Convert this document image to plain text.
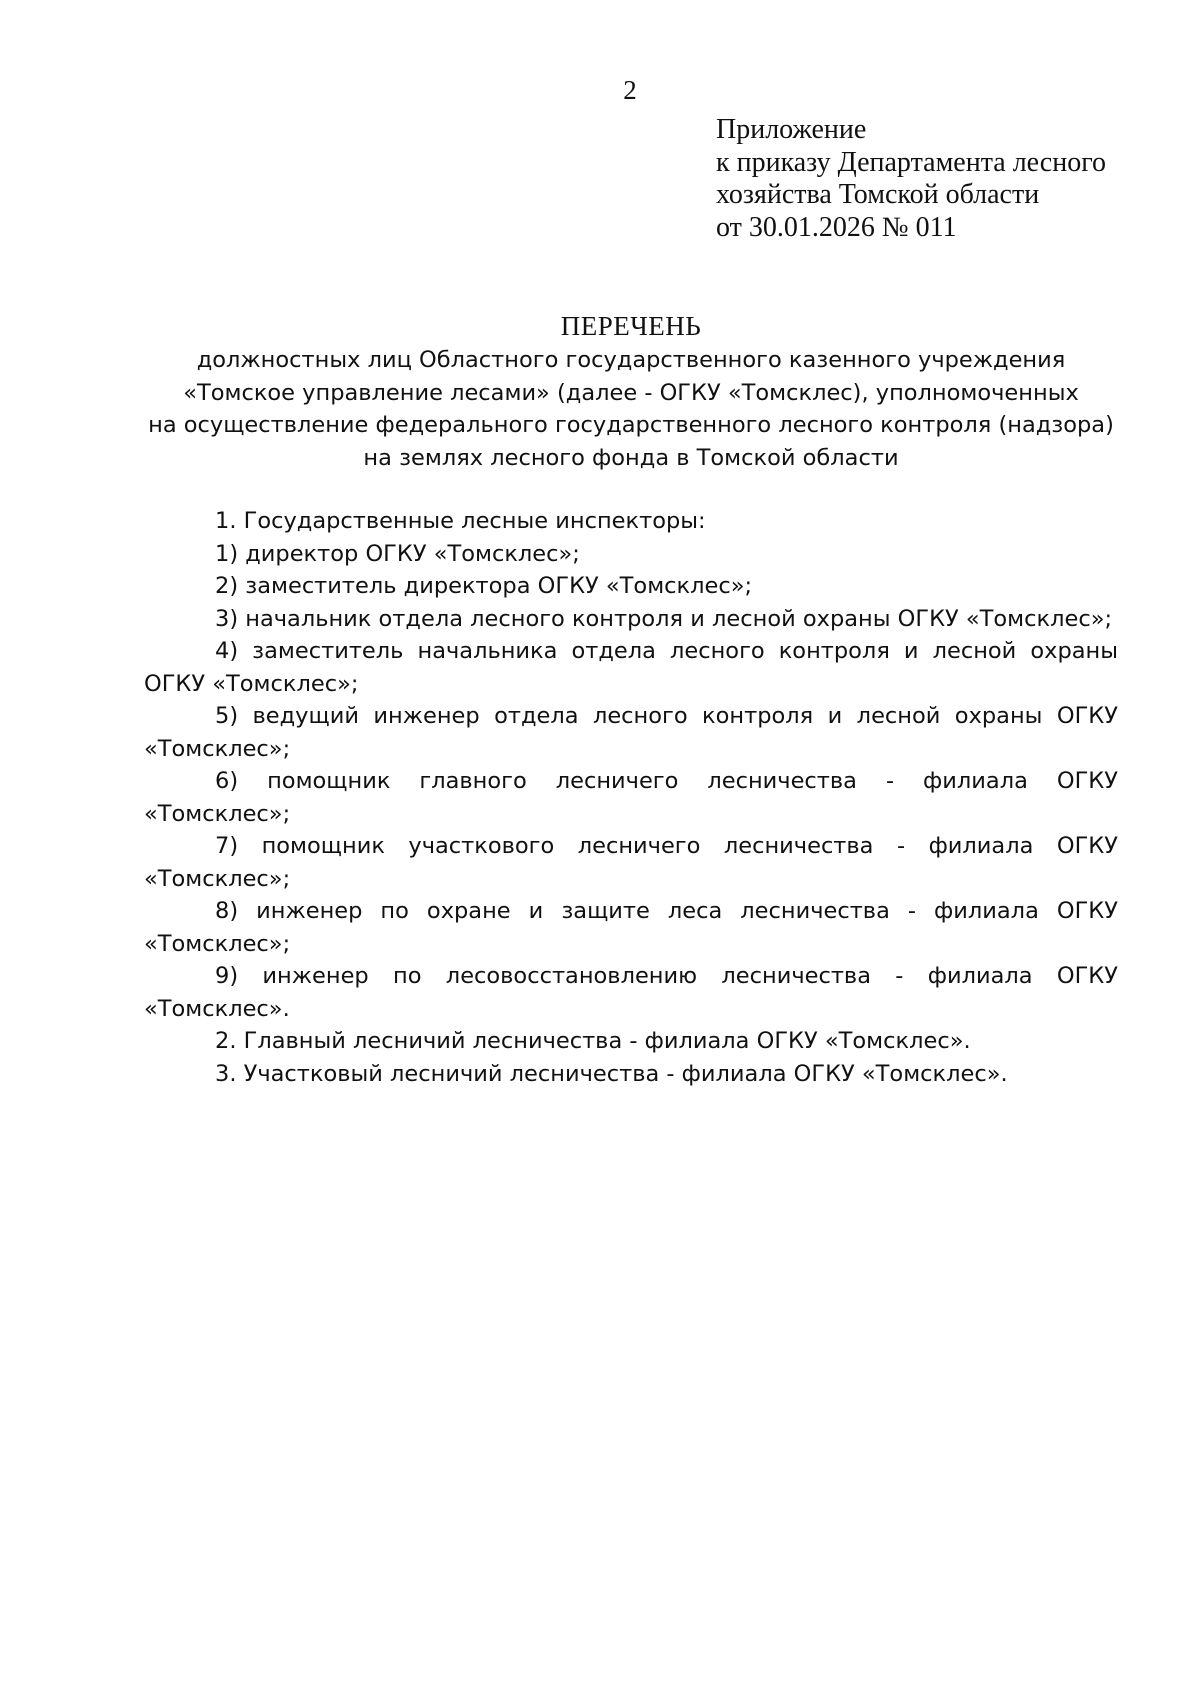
2
Приложение
к приказу Департамента лесного
хозяйства Томской области
от 30.01.2026 № 011
ПЕРЕЧЕНЬ
должностных лиц Областного государственного казенного учреждения
«Томское управление лесами» (далее - ОГКУ «Томсклес), уполномоченных
на осуществление федерального государственного лесного контроля (надзора)
на землях лесного фонда в Томской области

1. Государственные лесные инспекторы:

1) директор ОГКУ «Томсклес»;

2) заместитель директора ОГКУ «Томсклес»;

3) начальник отдела лесного контроля и лесной охраны ОГКУ «Томсклес»;

4) заместитель начальника отдела лесного контроля и лесной охраны ОГКУ «Томсклес»;

5) ведущий инженер отдела лесного контроля и лесной охраны ОГКУ «Томсклес»;

6) помощник главного лесничего лесничества - филиала ОГКУ «Томсклес»;

7) помощник участкового лесничего лесничества - филиала ОГКУ «Томсклес»;

8) инженер по охране и защите леса лесничества - филиала ОГКУ «Томсклес»;

9) инженер по лесовосстановлению лесничества - филиала ОГКУ «Томсклес».

2. Главный лесничий лесничества - филиала ОГКУ «Томсклес».

3. Участковый лесничий лесничества - филиала ОГКУ «Томсклес».
